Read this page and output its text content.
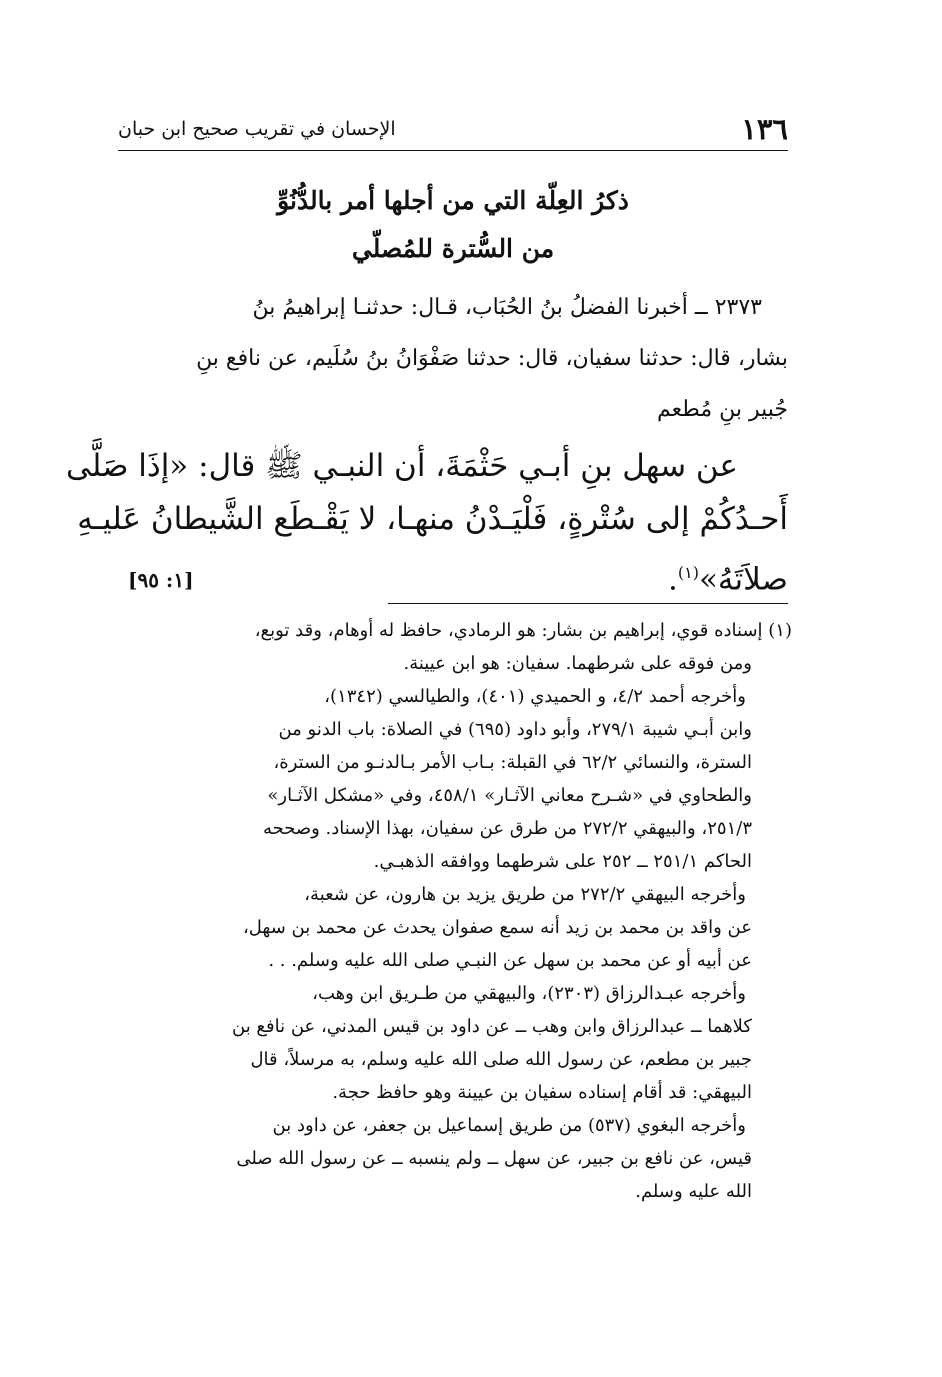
١٣٦
الإحسان في تقريب صحيح ابن حبان
ذكرُ العِلّة التي من أجلها أمر بالدُّنُوِّ
من السُّترة للمُصلّي
٢٣٧٣ ــ أخبرنا الفضلُ بنُ الحُبَاب، قـال: حدثنـا إبراهيمُ بنُ
بشار، قال: حدثنا سفيان، قال: حدثنا صَفْوَانُ بنُ سُلَيم، عن نافع بنِ
جُبير بنِ مُطعم
عن سهل بنِ أبـي حَثْمَةَ، أن النبـي ﷺ قال: «إذَا صَلَّى
أَحـدُكُمْ إلى سُتْرةٍ، فَلْيَـدْنُ منهـا، لا يَقْـطَع الشَّيطانُ عَليـهِ
صلاَتَهُ»$^{(١)}$.
[١: ٩٥]
(١) إسناده قوي، إبراهيم بن بشار: هو الرمادي، حافظ له أوهام، وقد توبع،
ومن فوقه على شرطهما. سفيان: هو ابن عيينة.
وأخرجه أحمد ٤/٢، و الحميدي (٤٠١)، والطيالسي (١٣٤٢)،
وابن أبـي شيبة ٢٧٩/١، وأبو داود (٦٩٥) في الصلاة: باب الدنو من
السترة، والنسائي ٦٢/٢ في القبلة: بـاب الأمر بـالدنـو من السترة،
والطحاوي في «شـرح معاني الآثـار» ٤٥٨/١، وفي «مشكل الآثـار»
٢٥١/٣، والبيهقي ٢٧٢/٢ من طرق عن سفيان، بهذا الإسناد. وصححه
الحاكم ٢٥١/١ ــ ٢٥٢ على شرطهما ووافقه الذهبـي.
وأخرجه البيهقي ٢٧٢/٢ من طريق يزيد بن هارون، عن شعبة،
عن واقد بن محمد بن زيد أنه سمع صفوان يحدث عن محمد بن سهل،
عن أبيه أو عن محمد بن سهل عن النبـي صلى الله عليه وسلم. . .
وأخرجه عبـدالرزاق (٢٣٠٣)، والبيهقي من طـريق ابن وهب،
كلاهما ــ عبدالرزاق وابن وهب ــ عن داود بن قيس المدني، عن نافع بن
جبير بن مطعم، عن رسول الله صلى الله عليه وسلم، به مرسلاً، قال
البيهقي: قد أقام إسناده سفيان بن عيينة وهو حافظ حجة.
وأخرجه البغوي (٥٣٧) من طريق إسماعيل بن جعفر، عن داود بن
قيس، عن نافع بن جبير، عن سهل ــ ولم ينسبه ــ عن رسول الله صلى
الله عليه وسلم.
